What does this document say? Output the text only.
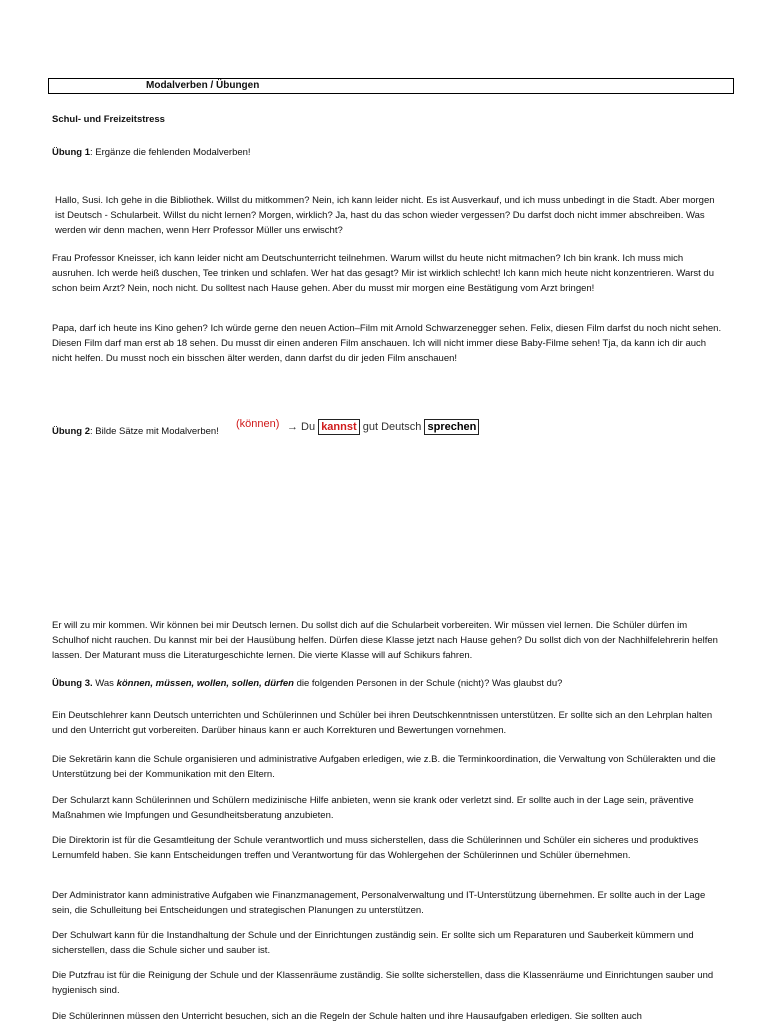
Modalverben / Übungen
Schul- und Freizeitstress
Übung 1: Ergänze die fehlenden Modalverben!
Hallo, Susi. Ich gehe in die Bibliothek. Willst du mitkommen? Nein, ich kann leider nicht. Es ist Ausverkauf, und ich muss unbedingt in die Stadt. Aber morgen ist Deutsch - Schularbeit. Willst du nicht lernen? Morgen, wirklich? Ja, hast du das schon wieder vergessen? Du darfst doch nicht immer abschreiben. Was werden wir denn machen, wenn Herr Professor Müller uns erwischt?
Frau Professor Kneisser, ich kann leider nicht am Deutschunterricht teilnehmen. Warum willst du heute nicht mitmachen? Ich bin krank. Ich muss mich ausruhen. Ich werde heiß duschen, Tee trinken und schlafen. Wer hat das gesagt? Mir ist wirklich schlecht! Ich kann mich heute nicht konzentrieren. Warst du schon beim Arzt? Nein, noch nicht. Du solltest nach Hause gehen. Aber du musst mir morgen eine Bestätigung vom Arzt bringen!
Papa, darf ich heute ins Kino gehen? Ich würde gerne den neuen Action–Film mit Arnold Schwarzenegger sehen. Felix, diesen Film darfst du noch nicht sehen. Diesen Film darf man erst ab 18 sehen. Du musst dir einen anderen Film anschauen. Ich will nicht immer diese Baby-Filme sehen! Tja, da kann ich dir auch nicht helfen. Du musst noch ein bisschen älter werden, dann darfst du dir jeden Film anschauen!
Übung 2: Bilde Sätze mit Modalverben!
(können) → Du kannst gut Deutsch sprechen
Er will zu mir kommen. Wir können bei mir Deutsch lernen. Du sollst dich auf die Schularbeit vorbereiten. Wir müssen viel lernen. Die Schüler dürfen im Schulhof nicht rauchen. Du kannst mir bei der Hausübung helfen. Dürfen diese Klasse jetzt nach Hause gehen? Du sollst dich von der Nachhilfelehrerin helfen lassen. Der Maturant muss die Literaturgeschichte lernen. Die vierte Klasse will auf Schikurs fahren.
Übung 3. Was können, müssen, wollen, sollen, dürfen die folgenden Personen in der Schule (nicht)? Was glaubst du?
Ein Deutschlehrer kann Deutsch unterrichten und Schülerinnen und Schüler bei ihren Deutschkenntnissen unterstützen. Er sollte sich an den Lehrplan halten und den Unterricht gut vorbereiten. Darüber hinaus kann er auch Korrekturen und Bewertungen vornehmen.
Die Sekretärin kann die Schule organisieren und administrative Aufgaben erledigen, wie z.B. die Terminkoordination, die Verwaltung von Schülerakten und die Unterstützung bei der Kommunikation mit den Eltern.
Der Schularzt kann Schülerinnen und Schülern medizinische Hilfe anbieten, wenn sie krank oder verletzt sind. Er sollte auch in der Lage sein, präventive Maßnahmen wie Impfungen und Gesundheitsberatung anzubieten.
Die Direktorin ist für die Gesamtleitung der Schule verantwortlich und muss sicherstellen, dass die Schülerinnen und Schüler ein sicheres und produktives Lernumfeld haben. Sie kann Entscheidungen treffen und Verantwortung für das Wohlergehen der Schülerinnen und Schüler übernehmen.
Der Administrator kann administrative Aufgaben wie Finanzmanagement, Personalverwaltung und IT-Unterstützung übernehmen. Er sollte auch in der Lage sein, die Schulleitung bei Entscheidungen und strategischen Planungen zu unterstützen.
Der Schulwart kann für die Instandhaltung der Schule und der Einrichtungen zuständig sein. Er sollte sich um Reparaturen und Sauberkeit kümmern und sicherstellen, dass die Schule sicher und sauber ist.
Die Putzfrau ist für die Reinigung der Schule und der Klassenräume zuständig. Sie sollte sicherstellen, dass die Klassenräume und Einrichtungen sauber und hygienisch sind.
Die Schülerinnen müssen den Unterricht besuchen, sich an die Regeln der Schule halten und ihre Hausaufgaben erledigen. Sie sollten auch
